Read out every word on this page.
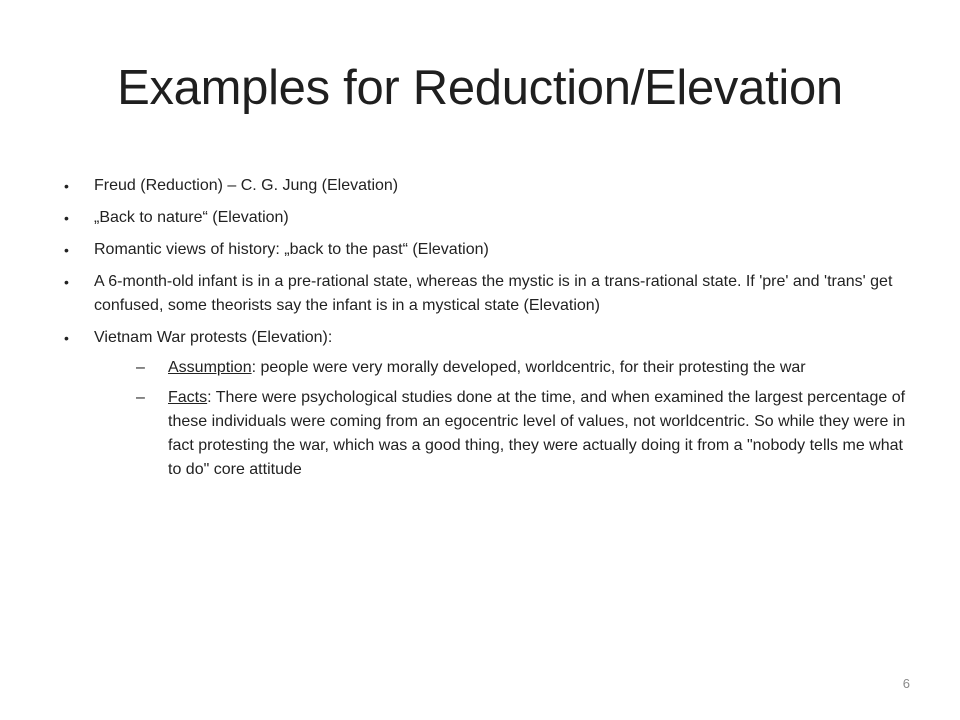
Examples for Reduction/Elevation
•	Freud (Reduction) – C. G. Jung (Elevation)
•	„Back to nature“ (Elevation)
•	Romantic views of history: „back to the past“ (Elevation)
•	A 6-month-old infant is in a pre-rational state, whereas the mystic is in a trans-rational state. If 'pre' and 'trans' get confused, some theorists say the infant is in a mystical state (Elevation)
•	Vietnam War protests (Elevation):
–	Assumption: people were very morally developed, worldcentric, for their protesting the war
–	Facts: There were psychological studies done at the time, and when examined the largest percentage of these individuals were coming from an egocentric level of values, not worldcentric. So while they were in fact protesting the war, which was a good thing, they were actually doing it from a "nobody tells me what to do" core attitude
6
